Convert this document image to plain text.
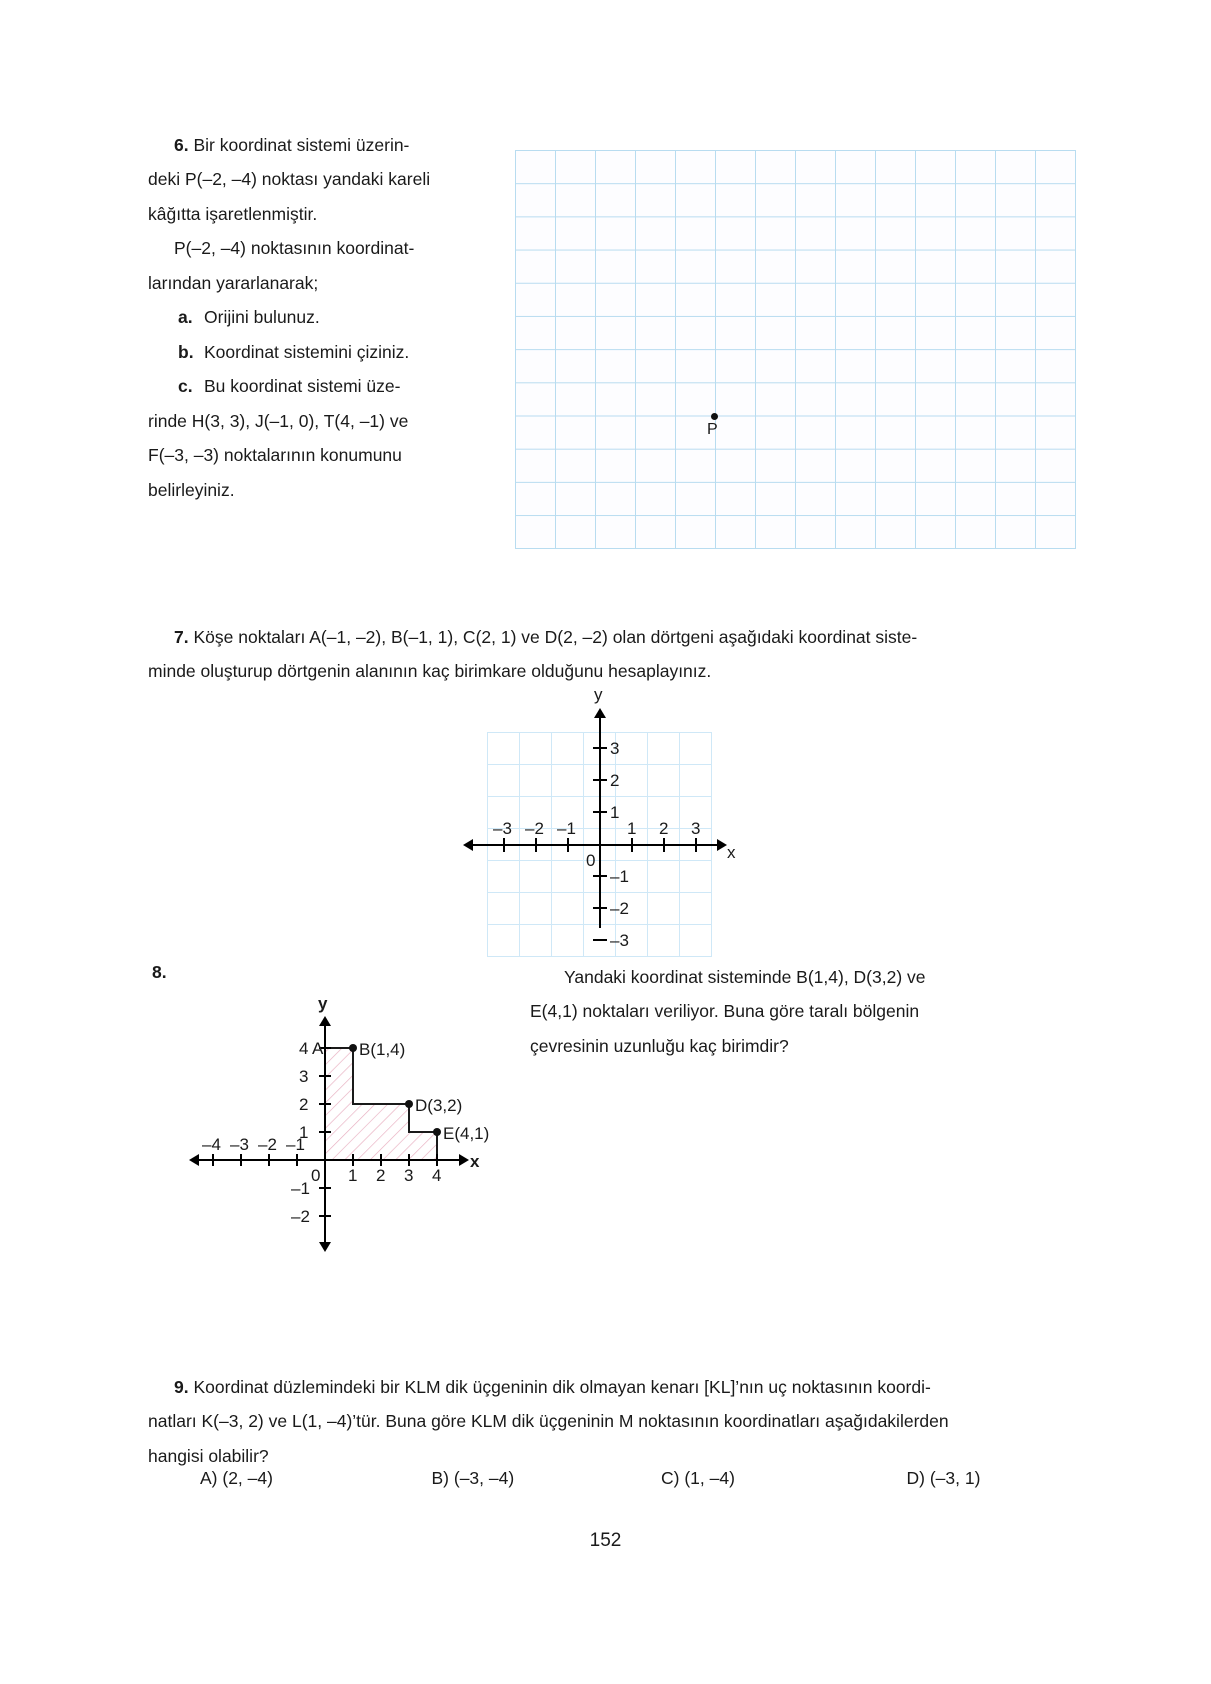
6. Bir koordinat sistemi üzerin-

deki P(–2, –4) noktası yandaki kareli

kâğıtta işaretlenmiştir.

P(–2, –4) noktasının koordinat-

larından yararlanarak;

a. Orijini bulunuz.

b. Koordinat sistemini çiziniz.

c. Bu koordinat sistemi üze-

rinde H(3, 3), J(–1, 0), T(4, –1) ve

F(–3, –3) noktalarının konumunu

belirleyiniz.

P

7. Köşe noktaları A(–1, –2), B(–1, 1), C(2, 1) ve D(2, –2) olan dörtgeni aşağıdaki koordinat siste-

minde oluşturup dörtgenin alanının kaç birimkare olduğunu hesaplayınız.

y
x
–3 –2 –1	1 2 3
3
2
1
–1
–2
–3
0
8.
y
x
–4 –3 –2 –1
1 2 3 4
4
3
2
1
–1
–2
0
A B(1,4)
D(3,2)
E(4,1)

Yandaki koordinat sisteminde B(1,4), D(3,2) ve

E(4,1) noktaları veriliyor. Buna göre taralı bölgenin

çevresinin uzunluğu kaç birimdir?

9. Koordinat düzlemindeki bir KLM dik üçgeninin dik olmayan kenarı [KL]’nın uç noktasının koordi-

natları K(–3, 2) ve L(1, –4)’tür. Buna göre KLM dik üçgeninin M noktasının koordinatları aşağıdakilerden

hangisi olabilir?

A) (2, –4)	B) (–3, –4)	C) (1, –4)	D) (–3, 1)
152
